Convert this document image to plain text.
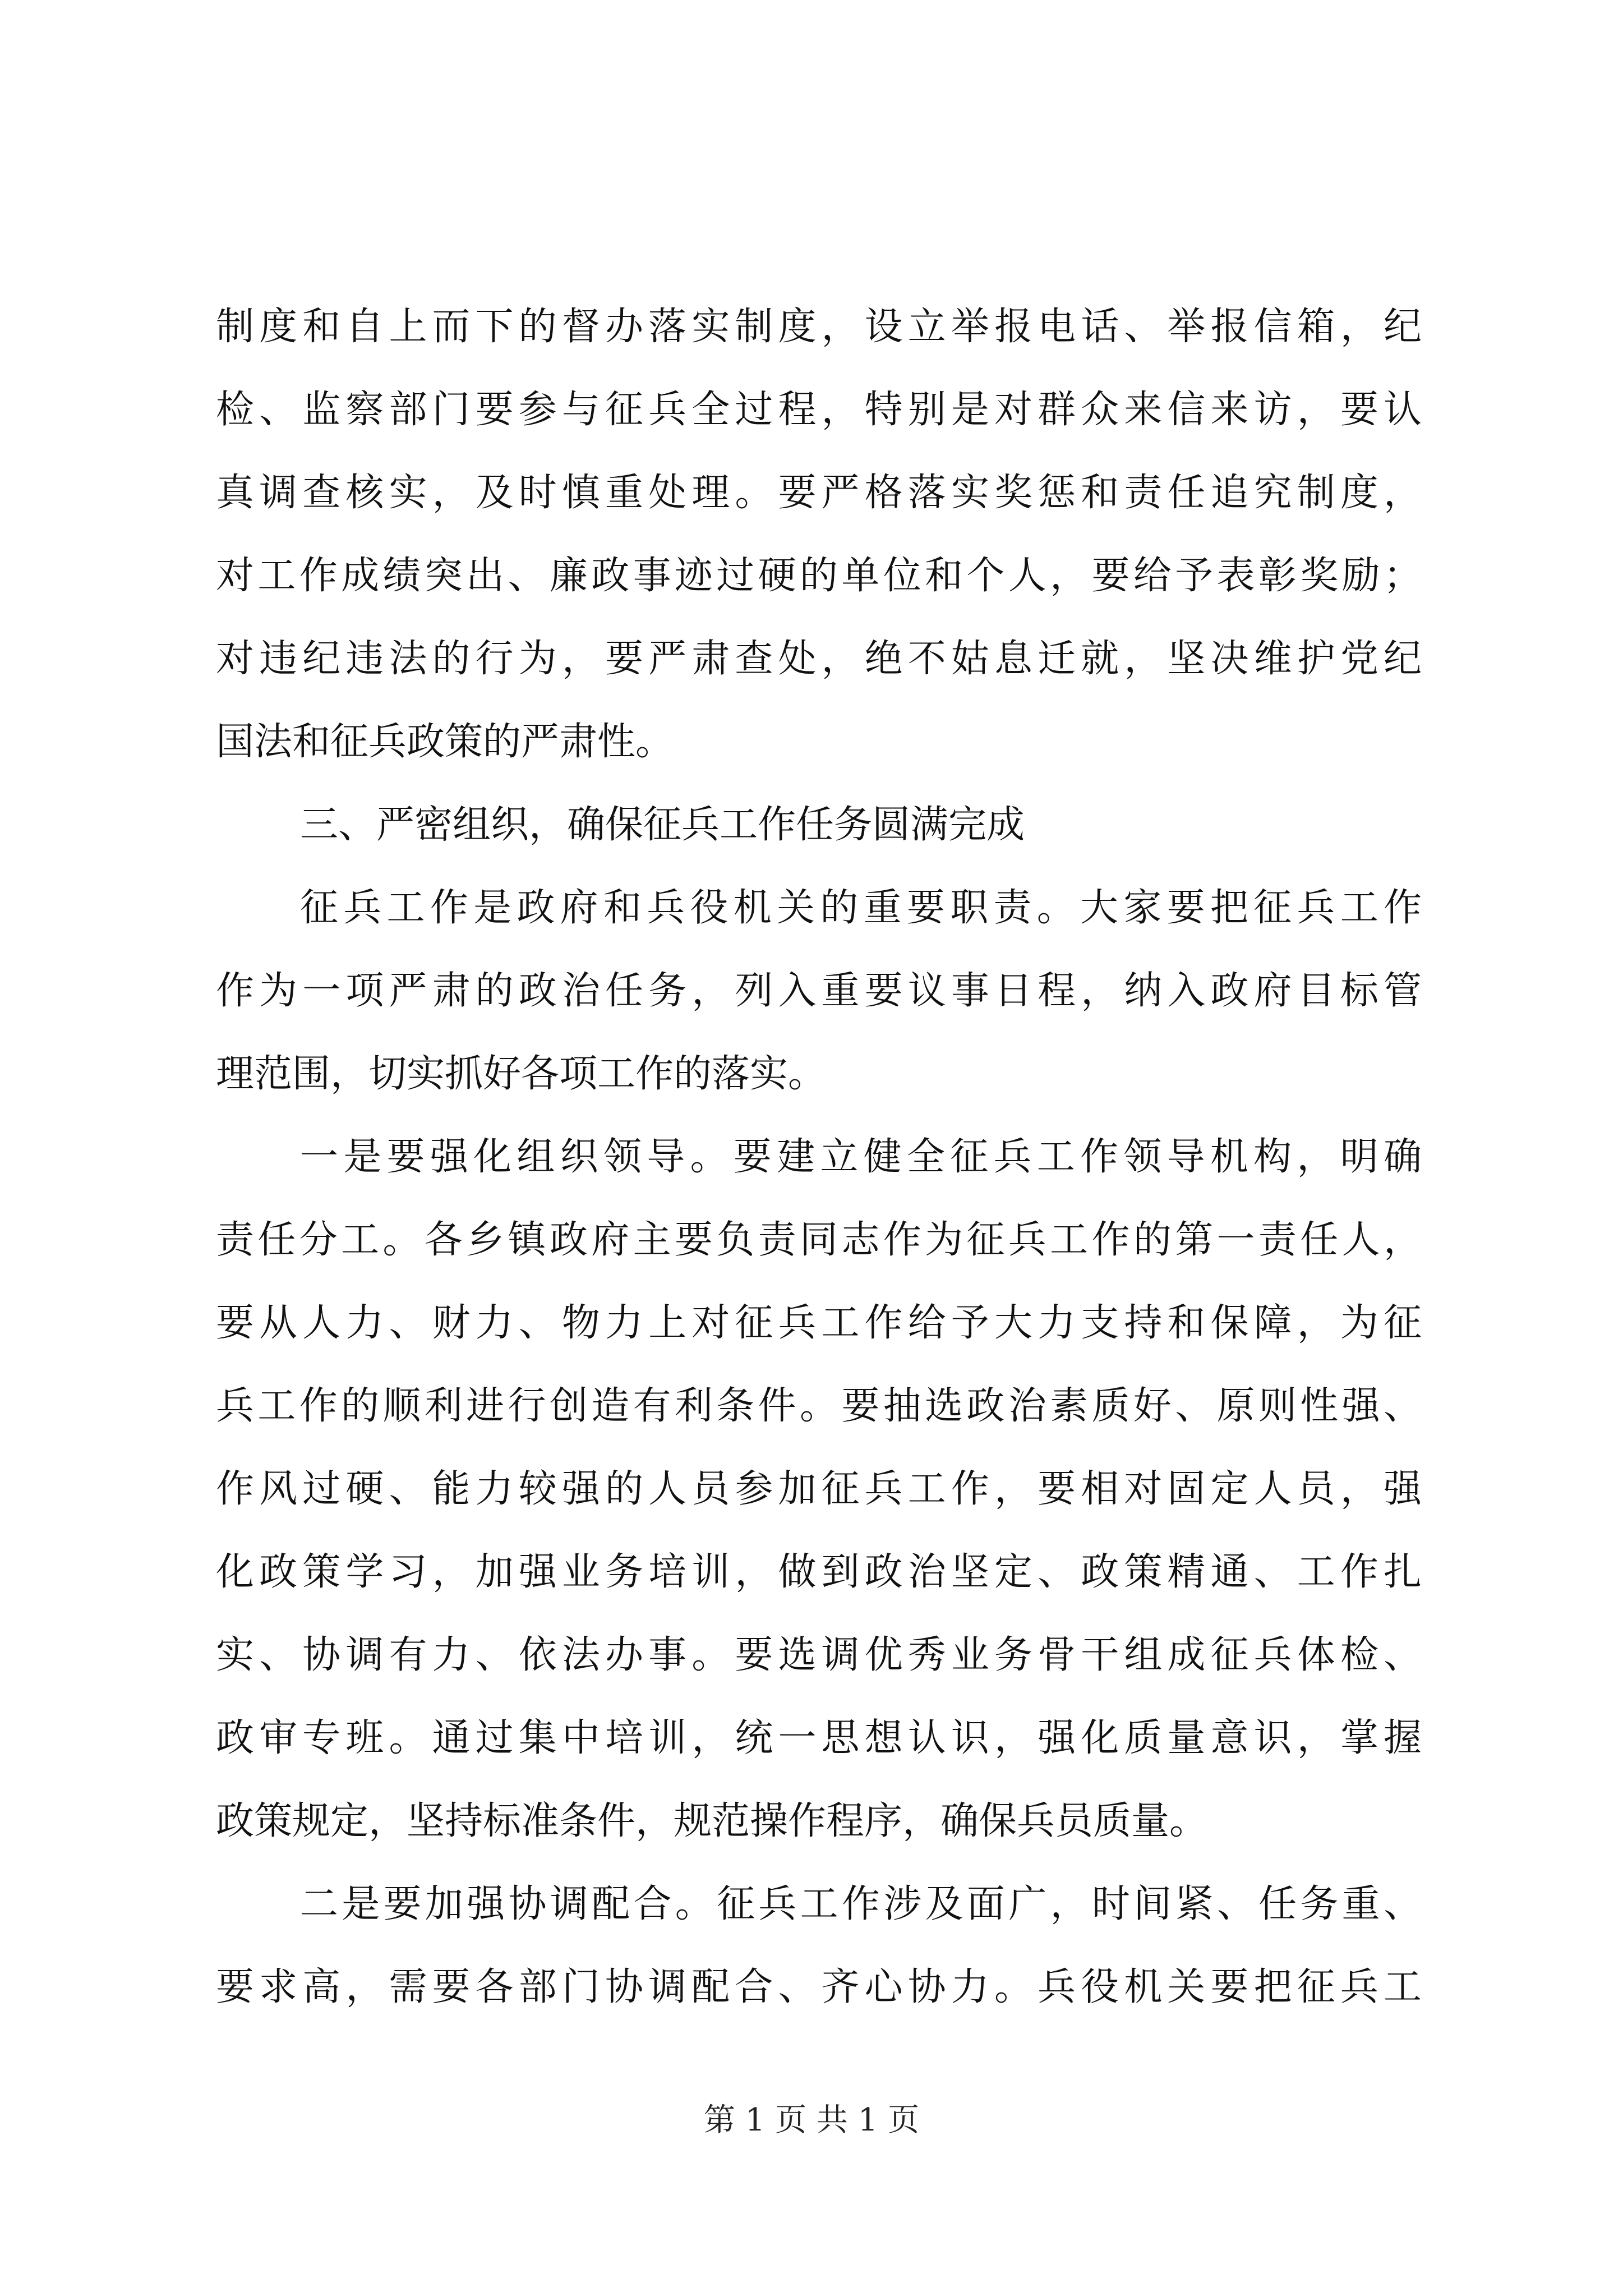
制度和自上而下的督办落实制度，设立举报电话、举报信箱，纪
检、监察部门要参与征兵全过程，特别是对群众来信来访，要认
真调查核实，及时慎重处理。要严格落实奖惩和责任追究制度，
对工作成绩突出、廉政事迹过硬的单位和个人，要给予表彰奖励；
对违纪违法的行为，要严肃查处，绝不姑息迁就，坚决维护党纪
国法和征兵政策的严肃性。
三、严密组织，确保征兵工作任务圆满完成
征兵工作是政府和兵役机关的重要职责。大家要把征兵工作
作为一项严肃的政治任务，列入重要议事日程，纳入政府目标管
理范围，切实抓好各项工作的落实。
一是要强化组织领导。要建立健全征兵工作领导机构，明确
责任分工。各乡镇政府主要负责同志作为征兵工作的第一责任人，
要从人力、财力、物力上对征兵工作给予大力支持和保障，为征
兵工作的顺利进行创造有利条件。要抽选政治素质好、原则性强、
作风过硬、能力较强的人员参加征兵工作，要相对固定人员，强
化政策学习，加强业务培训，做到政治坚定、政策精通、工作扎
实、协调有力、依法办事。要选调优秀业务骨干组成征兵体检、
政审专班。通过集中培训，统一思想认识，强化质量意识，掌握
政策规定，坚持标准条件，规范操作程序，确保兵员质量。
二是要加强协调配合。征兵工作涉及面广，时间紧、任务重、
要求高，需要各部门协调配合、齐心协力。兵役机关要把征兵工
第 1 页 共 1 页
